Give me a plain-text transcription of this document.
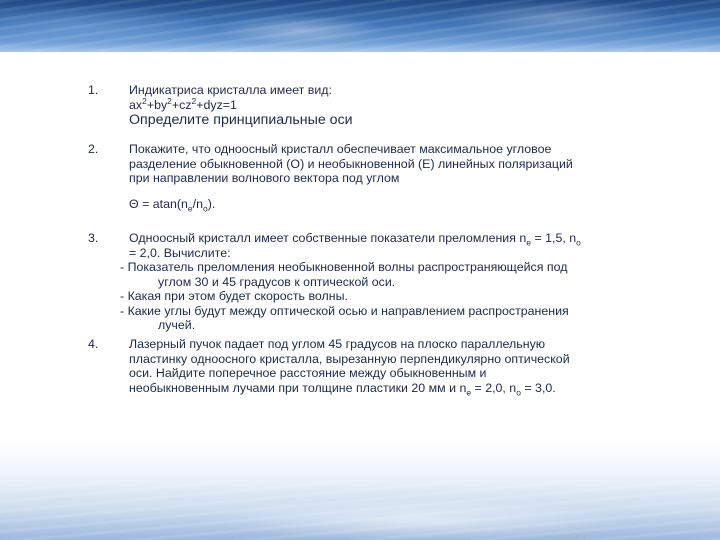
1. Индикатриса кристалла имеет вид:
$ax^2+by^2+cz^2+dyz=1$
Определите принципиальные оси
2. Покажите, что одноосный кристалл обеспечивает максимальное угловое
разделение обыкновенной (О) и необыкновенной (Е) линейных поляризаций
при направлении волнового вектора под углом
$\Theta = atan(n_e/n_o)$.
3. Одноосный кристалл имеет собственные показатели преломления $n_e = 1,5$, $n_o$
= 2,0. Вычислите:
- Показатель преломления необыкновенной волны распространяющейся под
углом 30 и 45 градусов к оптической оси.
- Какая при этом будет скорость волны.
- Какие углы будут между оптической осью и направлением распространения
лучей.
4. Лазерный пучок падает под углом 45 градусов на плоско параллельную
пластинку одноосного кристалла, вырезанную перпендикулярно оптической
оси. Найдите поперечное расстояние между обыкновенным и
необыкновенным лучами при толщине пластики 20 мм и $n_e = 2,0$, $n_o = 3,0$.
